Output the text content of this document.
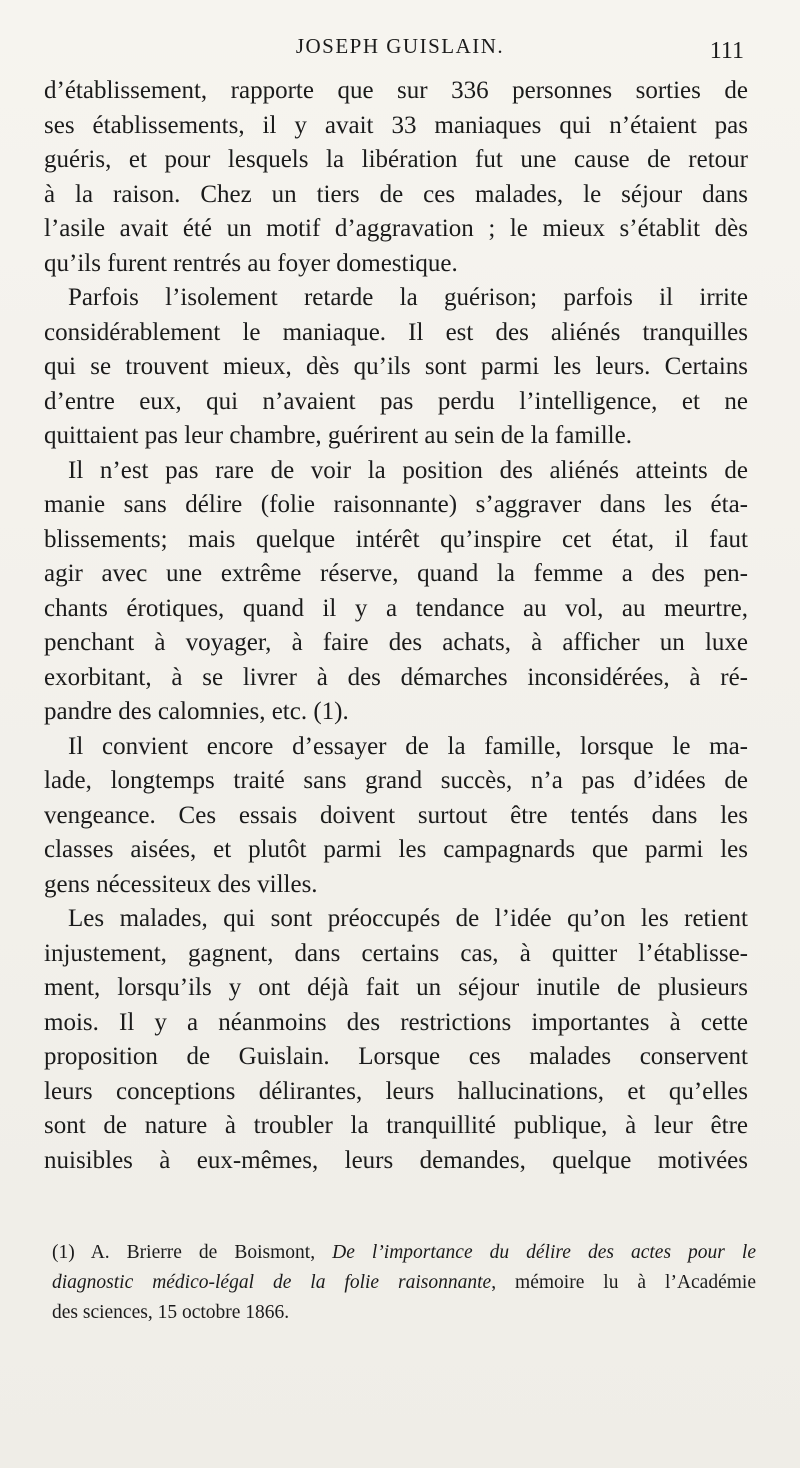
JOSEPH GUISLAIN.	111

d’établissement, rapporte que sur 336 personnes sorties de
ses établissements, il y avait 33 maniaques qui n’étaient pas
guéris, et pour lesquels la libération fut une cause de retour
à la raison. Chez un tiers de ces malades, le séjour dans
l’asile avait été un motif d’aggravation ; le mieux s’établit dès
qu’ils furent rentrés au foyer domestique.

Parfois l’isolement retarde la guérison; parfois il irrite
considérablement le maniaque. Il est des aliénés tranquilles
qui se trouvent mieux, dès qu’ils sont parmi les leurs. Certains
d’entre eux, qui n’avaient pas perdu l’intelligence, et ne
quittaient pas leur chambre, guérirent au sein de la famille.

Il n’est pas rare de voir la position des aliénés atteints de
manie sans délire (folie raisonnante) s’aggraver dans les éta-
blissements; mais quelque intérêt qu’inspire cet état, il faut
agir avec une extrême réserve, quand la femme a des pen-
chants érotiques, quand il y a tendance au vol, au meurtre,
penchant à voyager, à faire des achats, à afficher un luxe
exorbitant, à se livrer à des démarches inconsidérées, à ré-
pandre des calomnies, etc. (1).

Il convient encore d’essayer de la famille, lorsque le ma-
lade, longtemps traité sans grand succès, n’a pas d’idées de
vengeance. Ces essais doivent surtout être tentés dans les
classes aisées, et plutôt parmi les campagnards que parmi les
gens nécessiteux des villes.

Les malades, qui sont préoccupés de l’idée qu’on les retient
injustement, gagnent, dans certains cas, à quitter l’établisse-
ment, lorsqu’ils y ont déjà fait un séjour inutile de plusieurs
mois. Il y a néanmoins des restrictions importantes à cette
proposition de Guislain. Lorsque ces malades conservent
leurs conceptions délirantes, leurs hallucinations, et qu’elles
sont de nature à troubler la tranquillité publique, à leur être
nuisibles à eux-mêmes, leurs demandes, quelque motivées

(1) A. Brierre de Boismont, De l’importance du délire des actes pour le
diagnostic médico-légal de la folie raisonnante, mémoire lu à l’Académie
des sciences, 15 octobre 1866.
